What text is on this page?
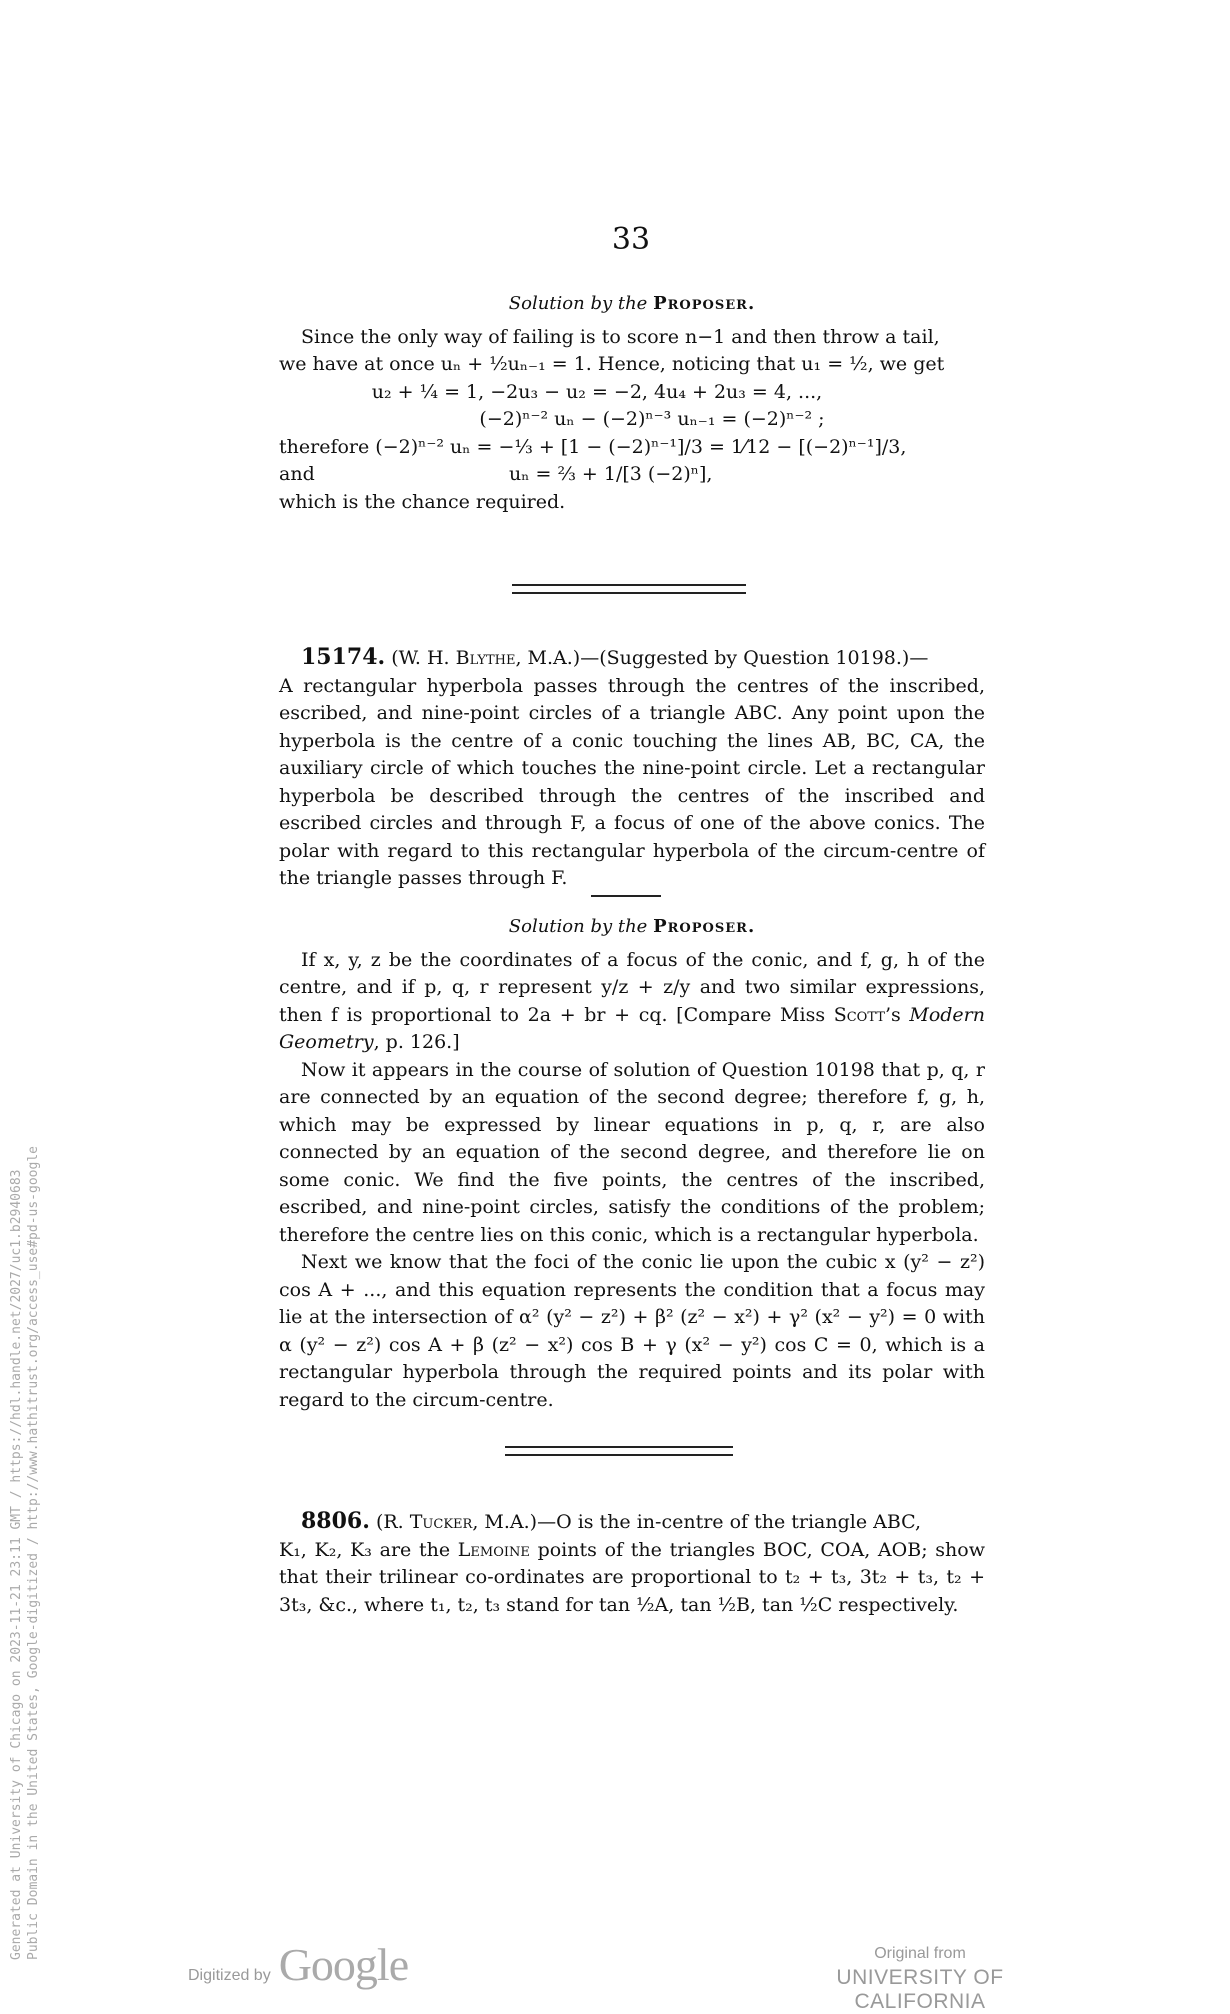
33
Solution by the Proposer.

Since the only way of failing is to score n−1 and then throw a tail,

we have at once uₙ + ½uₙ₋₁ = 1. Hence, noticing that u₁ = ½, we get

u₂ + ¼ = 1, −2u₃ − u₂ = −2, 4u₄ + 2u₃ = 4, ...,
(−2)ⁿ⁻² uₙ − (−2)ⁿ⁻³ uₙ₋₁ = (−2)ⁿ⁻² ;

therefore (−2)ⁿ⁻² uₙ = −⅓ + [1 − (−2)ⁿ⁻¹]/3 = 1⁄12 − [(−2)ⁿ⁻¹]/3,

and	uₙ = ⅔ + 1/[3 (−2)ⁿ],

which is the chance required.

15174. (W. H. Blythe, M.A.)—(Suggested by Question 10198.)—

A rectangular hyperbola passes through the centres of the inscribed, escribed, and nine-point circles of a triangle ABC. Any point upon the hyperbola is the centre of a conic touching the lines AB, BC, CA, the auxiliary circle of which touches the nine-point circle. Let a rectangular hyperbola be described through the centres of the inscribed and escribed circles and through F, a focus of one of the above conics. The polar with regard to this rectangular hyperbola of the circum-centre of the triangle passes through F.

Solution by the Proposer.

If x, y, z be the coordinates of a focus of the conic, and f, g, h of the centre, and if p, q, r represent y/z + z/y and two similar expressions, then f is proportional to 2a + br + cq. [Compare Miss Scott’s Modern Geometry, p. 126.]

Now it appears in the course of solution of Question 10198 that p, q, r are connected by an equation of the second degree; therefore f, g, h, which may be expressed by linear equations in p, q, r, are also connected by an equation of the second degree, and therefore lie on some conic. We find the five points, the centres of the inscribed, escribed, and nine-point circles, satisfy the conditions of the problem; therefore the centre lies on this conic, which is a rectangular hyperbola.

Next we know that the foci of the conic lie upon the cubic x (y² − z²) cos A + ..., and this equation represents the condition that a focus may lie at the intersection of α² (y² − z²) + β² (z² − x²) + γ² (x² − y²) = 0 with α (y² − z²) cos A + β (z² − x²) cos B + γ (x² − y²) cos C = 0, which is a rectangular hyperbola through the required points and its polar with regard to the circum-centre.

8806. (R. Tucker, M.A.)—O is the in-centre of the triangle ABC,

K₁, K₂, K₃ are the Lemoine points of the triangles BOC, COA, AOB; show that their trilinear co-ordinates are proportional to t₂ + t₃, 3t₂ + t₃, t₂ + 3t₃, &c., where t₁, t₂, t₃ stand for tan ½A, tan ½B, tan ½C respectively.

Generated at University of Chicago on 2023-11-21 23:11 GMT / https://hdl.handle.net/2027/uc1.b2940683 Public Domain in the United States, Google-digitized / http://www.hathitrust.org/access_use#pd-us-google
Digitized by Google	Original from
UNIVERSITY OF CALIFORNIA
